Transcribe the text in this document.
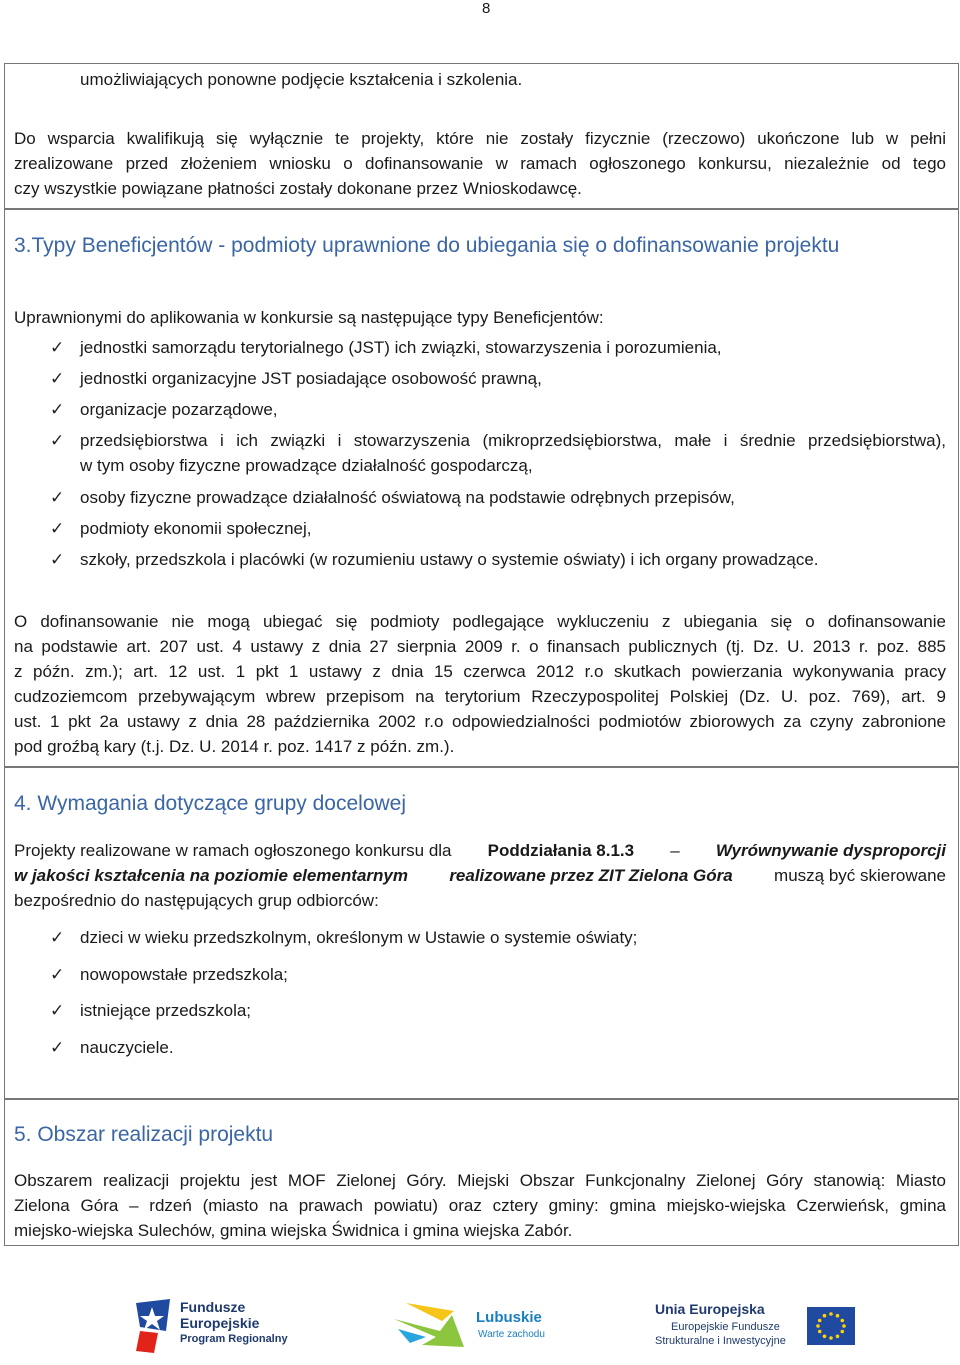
8
umożliwiających ponowne podjęcie kształcenia i szkolenia.
Do wsparcia kwalifikują się wyłącznie te projekty, które nie zostały fizycznie (rzeczowo) ukończone lub w pełni
zrealizowane przed złożeniem wniosku o dofinansowanie w ramach ogłoszonego konkursu, niezależnie od tego
czy wszystkie powiązane płatności zostały dokonane przez Wnioskodawcę.
3.Typy Beneficjentów - podmioty uprawnione do ubiegania się o dofinansowanie projektu
Uprawnionymi do aplikowania w konkursie są następujące typy Beneficjentów:
✓ jednostki samorządu terytorialnego (JST) ich związki, stowarzyszenia i porozumienia,
✓ jednostki organizacyjne JST posiadające osobowość prawną,
✓ organizacje pozarządowe,
✓ przedsiębiorstwa i ich związki i stowarzyszenia (mikroprzedsiębiorstwa, małe i średnie przedsiębiorstwa),
w tym osoby fizyczne prowadzące działalność gospodarczą,
✓ osoby fizyczne prowadzące działalność oświatową na podstawie odrębnych przepisów,
✓ podmioty ekonomii społecznej,
✓ szkoły, przedszkola i placówki (w rozumieniu ustawy o systemie oświaty) i ich organy prowadzące.
O dofinansowanie nie mogą ubiegać się podmioty podlegające wykluczeniu z ubiegania się o dofinansowanie
na podstawie art. 207 ust. 4 ustawy z dnia 27 sierpnia 2009 r. o finansach publicznych (tj. Dz. U. 2013 r. poz. 885
z późn. zm.); art. 12 ust. 1 pkt 1 ustawy z dnia 15 czerwca 2012 r.o skutkach powierzania wykonywania pracy
cudzoziemcom przebywającym wbrew przepisom na terytorium Rzeczypospolitej Polskiej (Dz. U. poz. 769), art. 9
ust. 1 pkt 2a ustawy z dnia 28 października 2002 r.o odpowiedzialności podmiotów zbiorowych za czyny zabronione
pod groźbą kary (t.j. Dz. U. 2014 r. poz. 1417 z późn. zm.).
4. Wymagania dotyczące grupy docelowej
Projekty realizowane w ramach ogłoszonego konkursu dla Poddziałania 8.1.3 – Wyrównywanie dysproporcji
w jakości kształcenia na poziomie elementarnym realizowane przez ZIT Zielona Góra muszą być skierowane
bezpośrednio do następujących grup odbiorców:
✓ dzieci w wieku przedszkolnym, określonym w Ustawie o systemie oświaty;
✓ nowopowstałe przedszkola;
✓ istniejące przedszkola;
✓ nauczyciele.
5. Obszar realizacji projektu
Obszarem realizacji projektu jest MOF Zielonej Góry. Miejski Obszar Funkcjonalny Zielonej Góry stanowią: Miasto
Zielona Góra – rdzeń (miasto na prawach powiatu) oraz cztery gminy: gmina miejsko-wiejska Czerwieńsk, gmina
miejsko-wiejska Sulechów, gmina wiejska Świdnica i gmina wiejska Zabór.
Fundusze
Europejskie
Program Regionalny
Lubuskie
Warte zachodu
Unia Europejska
Europejskie Fundusze
Strukturalne i Inwestycyjne
